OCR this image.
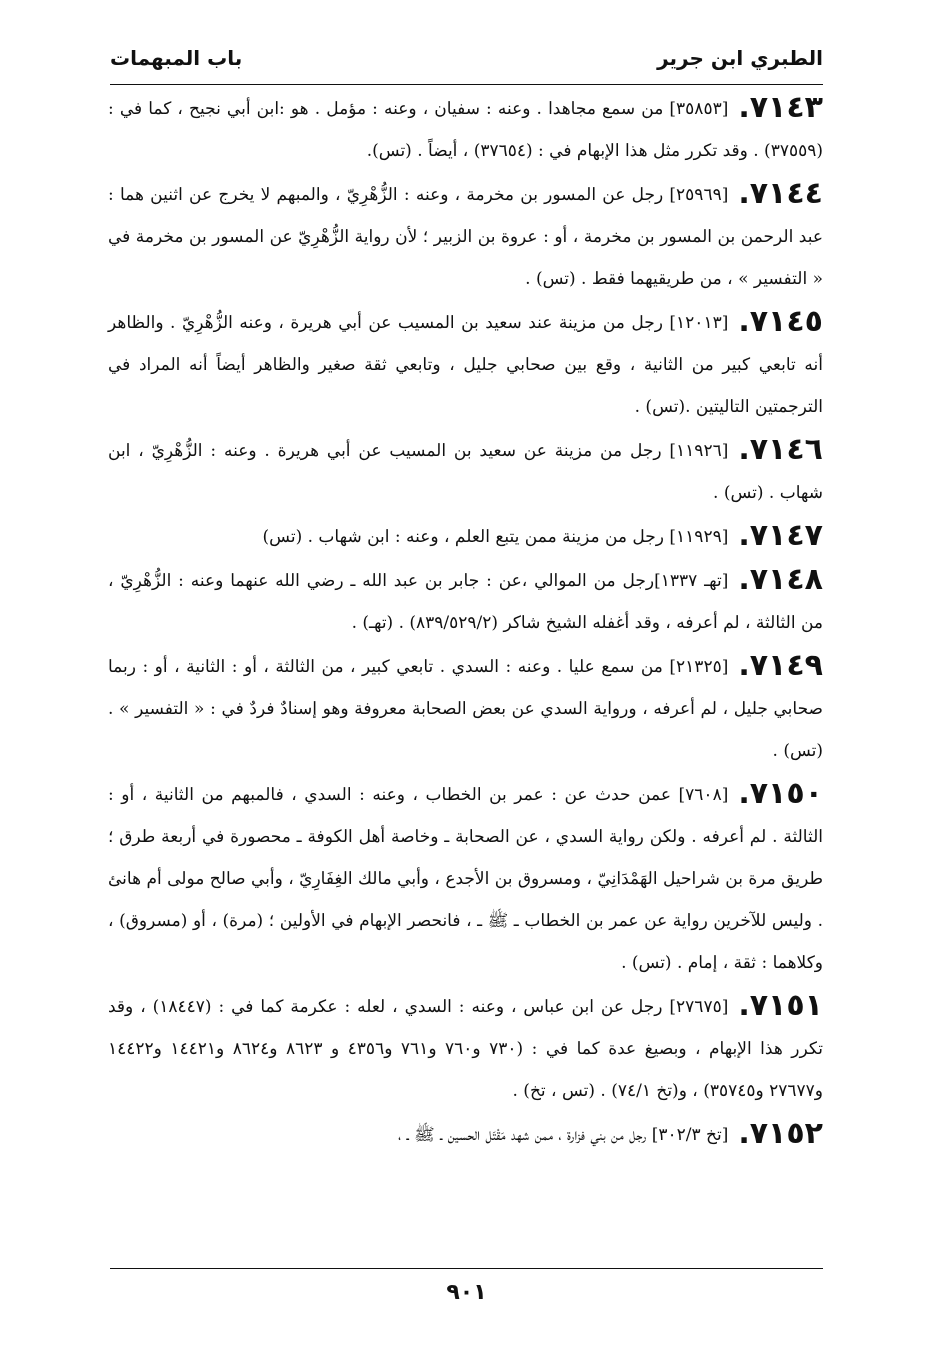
الطبري ابن جرير
باب المبهمات

٧١٤٣.[٣٥٨٥٣] من سمع مجاهدا . وعنه : سفيان ، وعنه : مؤمل . هو :ابن أبي نجيح ، كما في : (٣٧٥٥٩) . وقد تكرر مثل هذا الإبهام في : (٣٧٦٥٤) ، أيضاً . (تس).

٧١٤٤.[٢٥٩٦٩] رجل عن المسور بن مخرمة ، وعنه : الزُّهْرِيّ ، والمبهم لا يخرج عن اثنين هما : عبد الرحمن بن المسور بن مخرمة ، أو : عروة بن الزبير ؛ لأن رواية الزُّهْرِيّ عن المسور بن مخرمة في « التفسير » ، من طريقيهما فقط . (تس) .

٧١٤٥.[١٢٠١٣] رجل من مزينة عند سعيد بن المسيب عن أبي هريرة ، وعنه الزُّهْرِيّ . والظاهر أنه تابعي كبير من الثانية ، وقع بين صحابي جليل ، وتابعي ثقة صغير والظاهر أيضاً أنه المراد في الترجمتين التاليتين .(تس) .

٧١٤٦.[١١٩٢٦] رجل من مزينة عن سعيد بن المسيب عن أبي هريرة . وعنه : الزُّهْرِيّ ، ابن شهاب . (تس) .

٧١٤٧.[١١٩٢٩] رجل من مزينة ممن يتبع العلم ، وعنه : ابن شهاب . (تس)

٧١٤٨.[تهـ ١٣٣٧]رجل من الموالي ،عن : جابر بن عبد الله ـ رضي الله عنهما وعنه : الزُّهْرِيّ ، من الثالثة ، لم أعرفه ، وقد أغفله الشيخ شاكر (٨٣٩/٥٢٩/٢) . (تهـ) .

٧١٤٩.[٢١٣٢٥] من سمع عليا . وعنه : السدي . تابعي كبير ، من الثالثة ، أو : الثانية ، أو : ربما صحابي جليل ، لم أعرفه ، ورواية السدي عن بعض الصحابة معروفة وهو إسنادٌ فردٌ في : « التفسير » . (تس) .

٧١٥٠.[٧٦٠٨] عمن حدث عن : عمر بن الخطاب ، وعنه : السدي ، فالمبهم من الثانية ، أو : الثالثة . لم أعرفه . ولكن رواية السدي ، عن الصحابة ـ وخاصة أهل الكوفة ـ محصورة في أربعة طرق ؛ طريق مرة بن شراحيل الهَمْدَانِيّ ، ومسروق بن الأجدع ، وأبي مالك الغِفَارِيّ ، وأبي صالح مولى أم هانئ . وليس للآخرين رواية عن عمر بن الخطاب ـ ﷺ ـ ، فانحصر الإبهام في الأولين ؛ (مرة) ، أو (مسروق) ، وكلاهما : ثقة ، إمام . (تس) .

٧١٥١.[٢٧٦٧٥] رجل عن ابن عباس ، وعنه : السدي ، لعله : عكرمة كما في : (١٨٤٤٧) ، وقد تكرر هذا الإبهام ، وبصيغ عدة كما في : (٧٣٠ و٧٦٠ و٧٦١ و٤٣٥٦ و ٨٦٢٣ و٨٦٢٤ و١٤٤٢١ و١٤٤٢٢ و٢٧٦٧٧ و٣٥٧٤٥) ، و(تخ ٧٤/١) . (تس ، تخ) .

٧١٥٢.[تخ ٣٠٢/٣] رجل من بني فزارة ، ممن شهد مَقْتَل الحسين ـ ﷺ ـ ،

٩٠١
